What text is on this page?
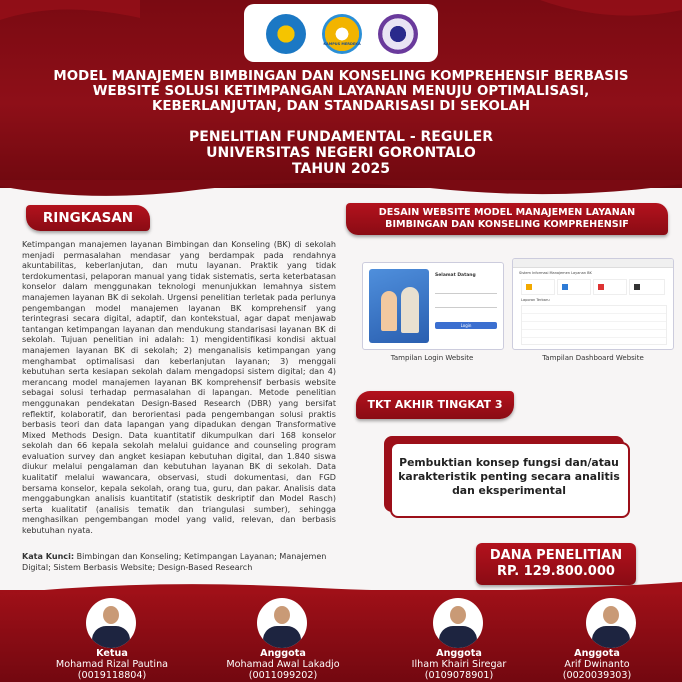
KAMPUS MERDEKA
MODEL MANAJEMEN BIMBINGAN DAN KONSELING KOMPREHENSIF BERBASIS
WEBSITE SOLUSI KETIMPANGAN LAYANAN MENUJU OPTIMALISASI,
KEBERLANJUTAN, DAN STANDARISASI DI SEKOLAH
PENELITIAN FUNDAMENTAL - REGULER
UNIVERSITAS NEGERI GORONTALO
TAHUN 2025
RINGKASAN
Ketimpangan manajemen layanan Bimbingan dan Konseling (BK) di sekolah menjadi permasalahan mendasar yang berdampak pada rendahnya akuntabilitas, keberlanjutan, dan mutu layanan. Praktik yang tidak terdokumentasi, pelaporan manual yang tidak sistematis, serta keterbatasan konselor dalam menggunakan teknologi menunjukkan lemahnya sistem manajemen layanan BK di sekolah. Urgensi penelitian terletak pada perlunya pengembangan model manajemen layanan BK komprehensif yang terintegrasi secara digital, adaptif, dan kontekstual, agar dapat menjawab tantangan ketimpangan layanan dan mendukung standarisasi layanan BK di sekolah. Tujuan penelitian ini adalah: 1) mengidentifikasi kondisi aktual manajemen layanan BK di sekolah; 2) menganalisis ketimpangan yang menghambat optimalisasi dan keberlanjutan layanan; 3) menggali kebutuhan serta kesiapan sekolah dalam mengadopsi sistem digital; dan 4) merancang model manajemen layanan BK komprehensif berbasis website sebagai solusi terhadap permasalahan di lapangan. Metode penelitian menggunakan pendekatan Design-Based Research (DBR) yang bersifat reflektif, kolaboratif, dan berorientasi pada pengembangan solusi praktis berbasis teori dan data lapangan yang dipadukan dengan Transformative Mixed Methods Design. Data kuantitatif dikumpulkan dari 168 konselor sekolah dan 66 kepala sekolah melalui guidance and counseling program evaluation survey dan angket kesiapan kebutuhan digital, dan 1.840 siswa diukur melalui pengalaman dan kebutuhan layanan BK di sekolah. Data kualitatif melalui wawancara, observasi, studi dokumentasi, dan FGD bersama konselor, kepala sekolah, orang tua, guru, dan pakar. Analisis data menggabungkan analisis kuantitatif (statistik deskriptif dan Model Rasch) serta kualitatif (analisis tematik dan triangulasi sumber), sehingga menghasilkan pengembangan model yang valid, relevan, dan berbasis kebutuhan nyata.
Kata Kunci: Bimbingan dan Konseling; Ketimpangan Layanan; Manajemen Digital; Sistem Berbasis Website; Design-Based Research
DESAIN WEBSITE MODEL MANAJEMEN LAYANAN
BIMBINGAN DAN KONSELING KOMPREHENSIF
Selamat Datang
Login
Tampilan Login Website
Sistem Informasi Manajemen Layanan BK
Laporan Terbaru
Tampilan Dashboard Website
TKT AKHIR TINGKAT 3
Pembuktian konsep fungsi dan/atau
karakteristik penting secara analitis
dan eksperimental
DANA PENELITIAN
RP. 129.800.000
Ketua
Mohamad Rizal Pautina
(0019118804)
Anggota
Mohamad Awal Lakadjo
(0011099202)
Anggota
Ilham Khairi Siregar
(0109078901)
Anggota
Arif Dwinanto
(0020039303)
